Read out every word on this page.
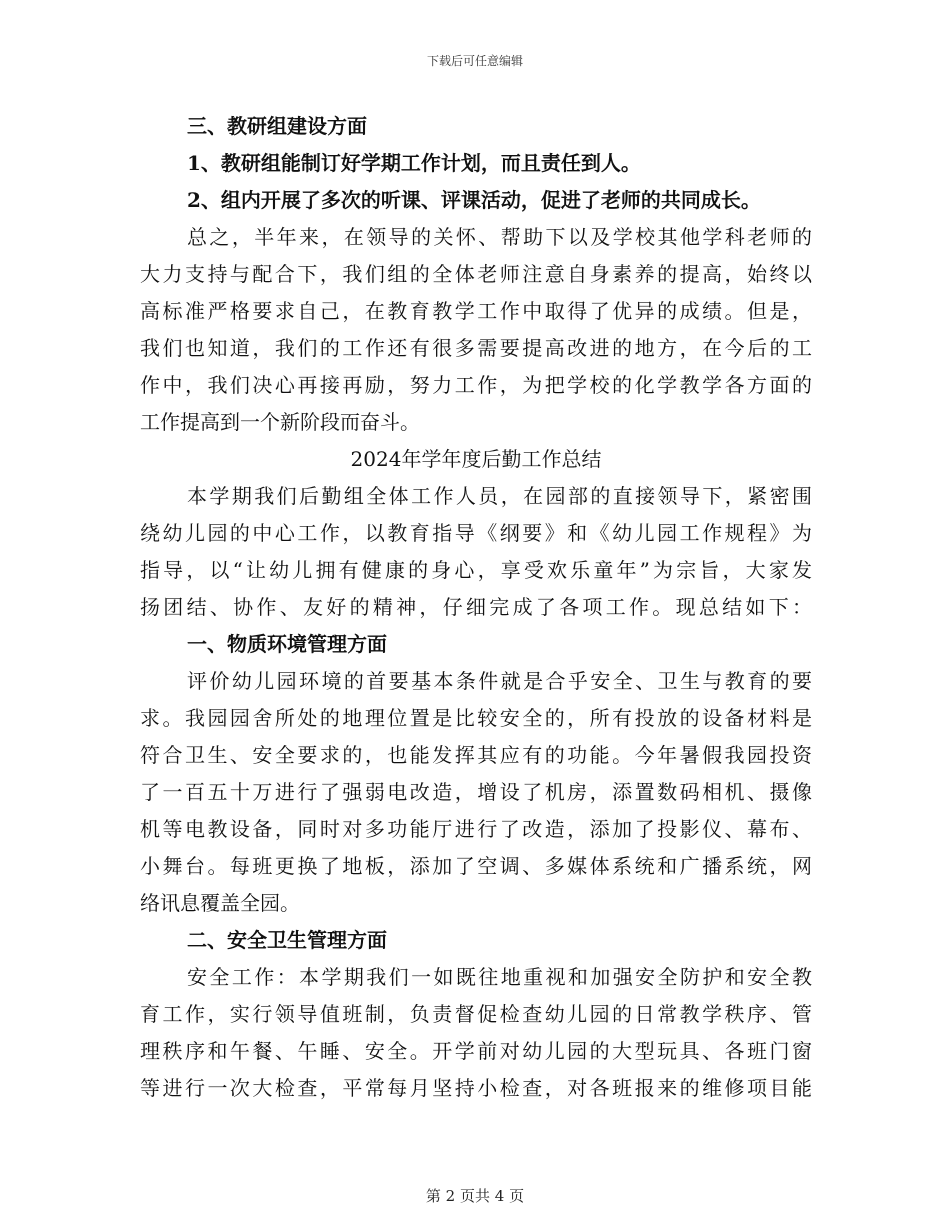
下载后可任意编辑
三、教研组建设方面
1、教研组能制订好学期工作计划，而且责任到人。
2、组内开展了多次的听课、评课活动，促进了老师的共同成长。
总之，半年来，在领导的关怀、帮助下以及学校其他学科老师的
大力支持与配合下，我们组的全体老师注意自身素养的提高，始终以
高标准严格要求自己，在教育教学工作中取得了优异的成绩。但是，
我们也知道，我们的工作还有很多需要提高改进的地方，在今后的工
作中，我们决心再接再励，努力工作，为把学校的化学教学各方面的
工作提高到一个新阶段而奋斗。
2024年学年度后勤工作总结
本学期我们后勤组全体工作人员，在园部的直接领导下，紧密围
绕幼儿园的中心工作，以教育指导《纲要》和《幼儿园工作规程》为
指导，以“让幼儿拥有健康的身心，享受欢乐童年”为宗旨，大家发
扬团结、协作、友好的精神，仔细完成了各项工作。现总结如下：
一、物质环境管理方面
评价幼儿园环境的首要基本条件就是合乎安全、卫生与教育的要
求。我园园舍所处的地理位置是比较安全的，所有投放的设备材料是
符合卫生、安全要求的，也能发挥其应有的功能。今年暑假我园投资
了一百五十万进行了强弱电改造，增设了机房，添置数码相机、摄像
机等电教设备，同时对多功能厅进行了改造，添加了投影仪、幕布、
小舞台。每班更换了地板，添加了空调、多媒体系统和广播系统，网
络讯息覆盖全园。
二、安全卫生管理方面
安全工作：本学期我们一如既往地重视和加强安全防护和安全教
育工作，实行领导值班制，负责督促检查幼儿园的日常教学秩序、管
理秩序和午餐、午睡、安全。开学前对幼儿园的大型玩具、各班门窗
等进行一次大检查，平常每月坚持小检查，对各班报来的维修项目能
第 2 页共 4 页
